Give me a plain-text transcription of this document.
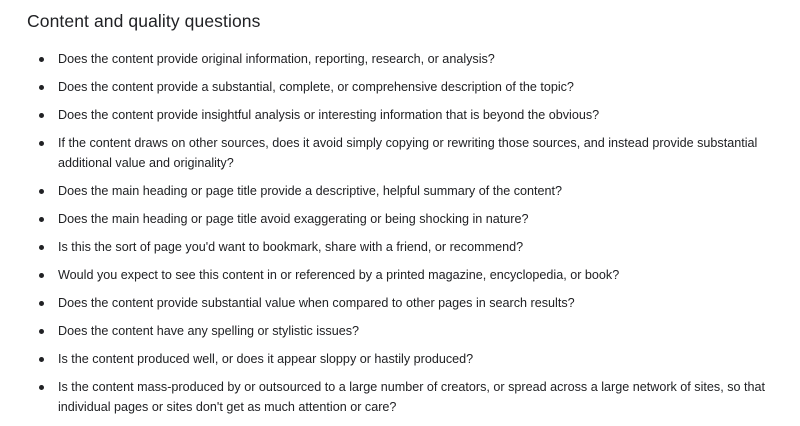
Content and quality questions
Does the content provide original information, reporting, research, or analysis?
Does the content provide a substantial, complete, or comprehensive description of the topic?
Does the content provide insightful analysis or interesting information that is beyond the obvious?
If the content draws on other sources, does it avoid simply copying or rewriting those sources, and instead provide substantial additional value and originality?
Does the main heading or page title provide a descriptive, helpful summary of the content?
Does the main heading or page title avoid exaggerating or being shocking in nature?
Is this the sort of page you'd want to bookmark, share with a friend, or recommend?
Would you expect to see this content in or referenced by a printed magazine, encyclopedia, or book?
Does the content provide substantial value when compared to other pages in search results?
Does the content have any spelling or stylistic issues?
Is the content produced well, or does it appear sloppy or hastily produced?
Is the content mass-produced by or outsourced to a large number of creators, or spread across a large network of sites, so that individual pages or sites don't get as much attention or care?
